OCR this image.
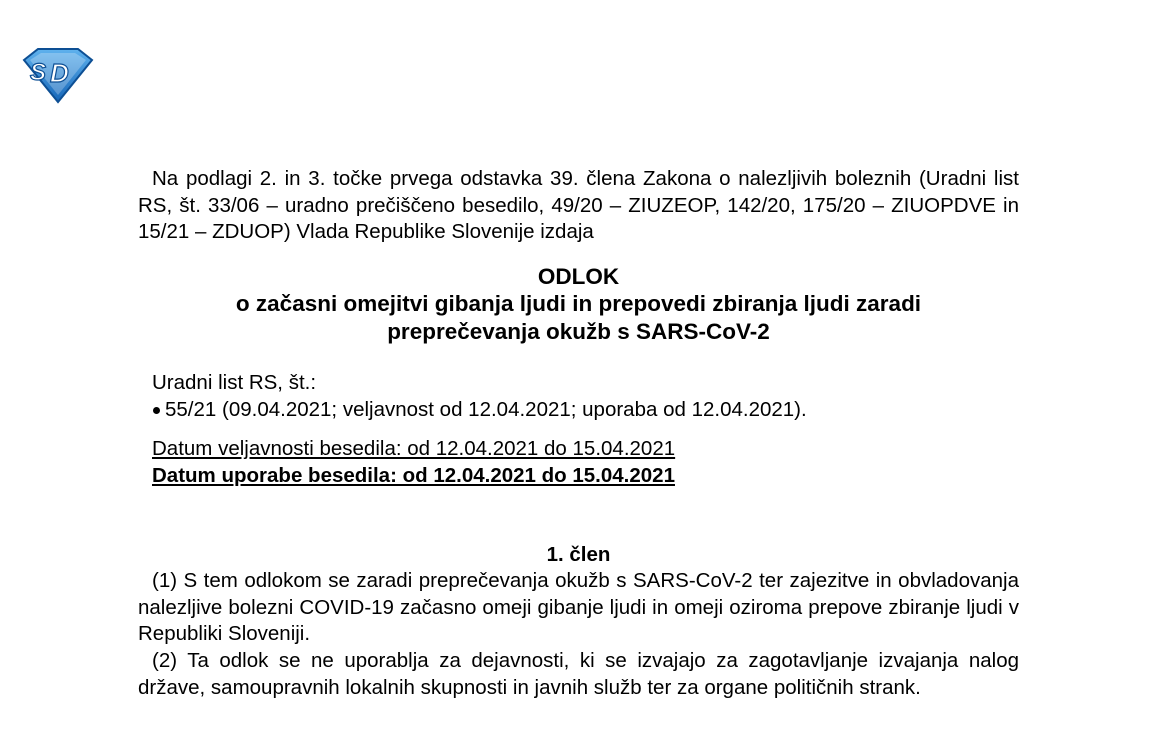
S D

Na podlagi 2. in 3. točke prvega odstavka 39. člena Zakona o nalezljivih boleznih (Uradni list RS, št. 33/06 – uradno prečiščeno besedilo, 49/20 – ZIUZEOP, 142/20, 175/20 – ZIUOPDVE in 15/21 – ZDUOP) Vlada Republike Slovenije izdaja

ODLOK
o začasni omejitvi gibanja ljudi in prepovedi zbiranja ljudi zaradi
preprečevanja okužb s SARS-CoV-2
Uradni list RS, št.:
55/21 (09.04.2021; veljavnost od 12.04.2021; uporaba od 12.04.2021).
Datum veljavnosti besedila: od 12.04.2021 do 15.04.2021
Datum uporabe besedila: od 12.04.2021 do 15.04.2021
1. člen

(1) S tem odlokom se zaradi preprečevanja okužb s SARS-CoV-2 ter zajezitve in obvladovanja nalezljive bolezni COVID-19 začasno omeji gibanje ljudi in omeji oziroma prepove zbiranje ljudi v Republiki Sloveniji.

(2) Ta odlok se ne uporablja za dejavnosti, ki se izvajajo za zagotavljanje izvajanja nalog države, samoupravnih lokalnih skupnosti in javnih služb ter za organe političnih strank.
